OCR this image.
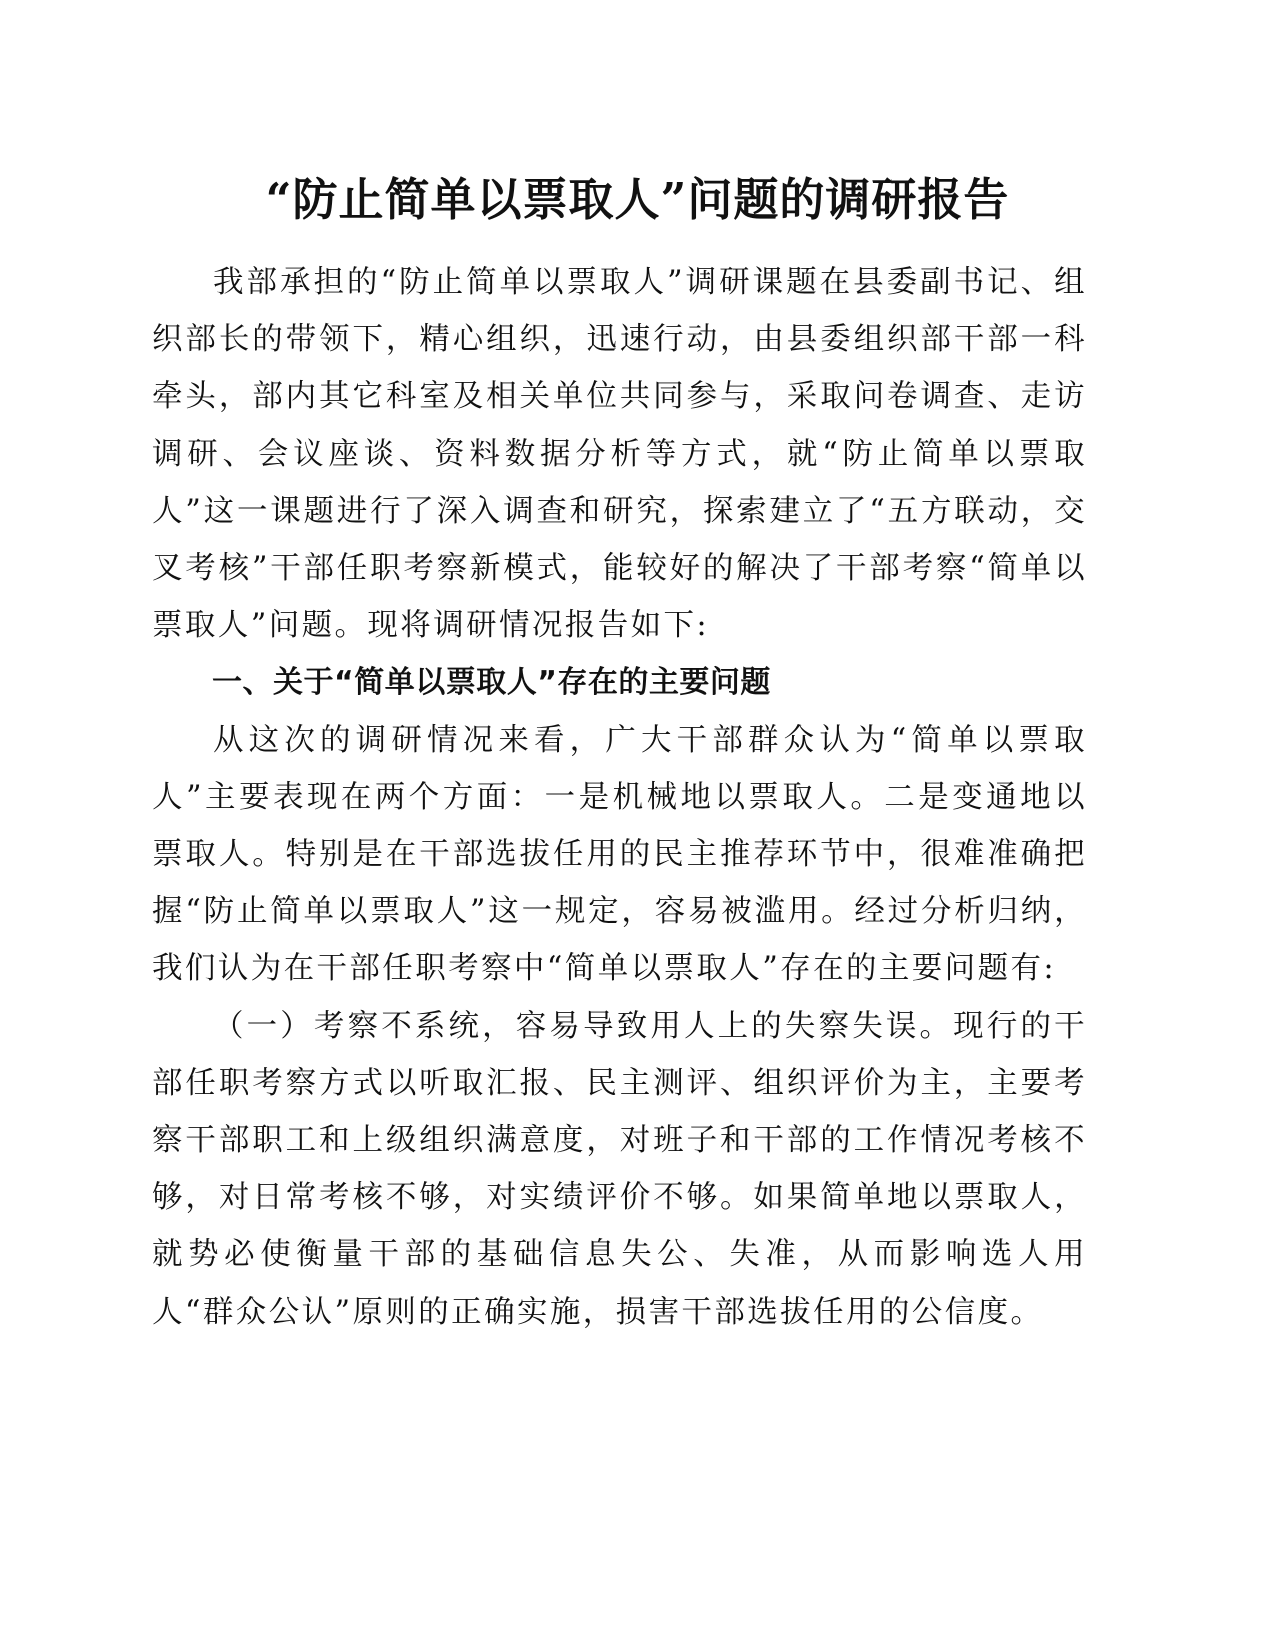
“防止简单以票取人”问题的调研报告

我部承担的“防止简单以票取人”调研课题在县委副书记、组织部长的带领下，精心组织，迅速行动，由县委组织部干部一科牵头，部内其它科室及相关单位共同参与，采取问卷调查、走访调研、会议座谈、资料数据分析等方式，就“防止简单以票取人”这一课题进行了深入调查和研究，探索建立了“五方联动，交叉考核”干部任职考察新模式，能较好的解决了干部考察“简单以票取人”问题。现将调研情况报告如下:

一、关于“简单以票取人”存在的主要问题

从这次的调研情况来看，广大干部群众认为“简单以票取人”主要表现在两个方面：一是机械地以票取人。二是变通地以票取人。特别是在干部选拔任用的民主推荐环节中，很难准确把握“防止简单以票取人”这一规定，容易被滥用。经过分析归纳，我们认为在干部任职考察中“简单以票取人”存在的主要问题有:

（一）考察不系统，容易导致用人上的失察失误。现行的干部任职考察方式以听取汇报、民主测评、组织评价为主，主要考察干部职工和上级组织满意度，对班子和干部的工作情况考核不够，对日常考核不够，对实绩评价不够。如果简单地以票取人，就势必使衡量干部的基础信息失公、失准，从而影响选人用人“群众公认”原则的正确实施，损害干部选拔任用的公信度。
